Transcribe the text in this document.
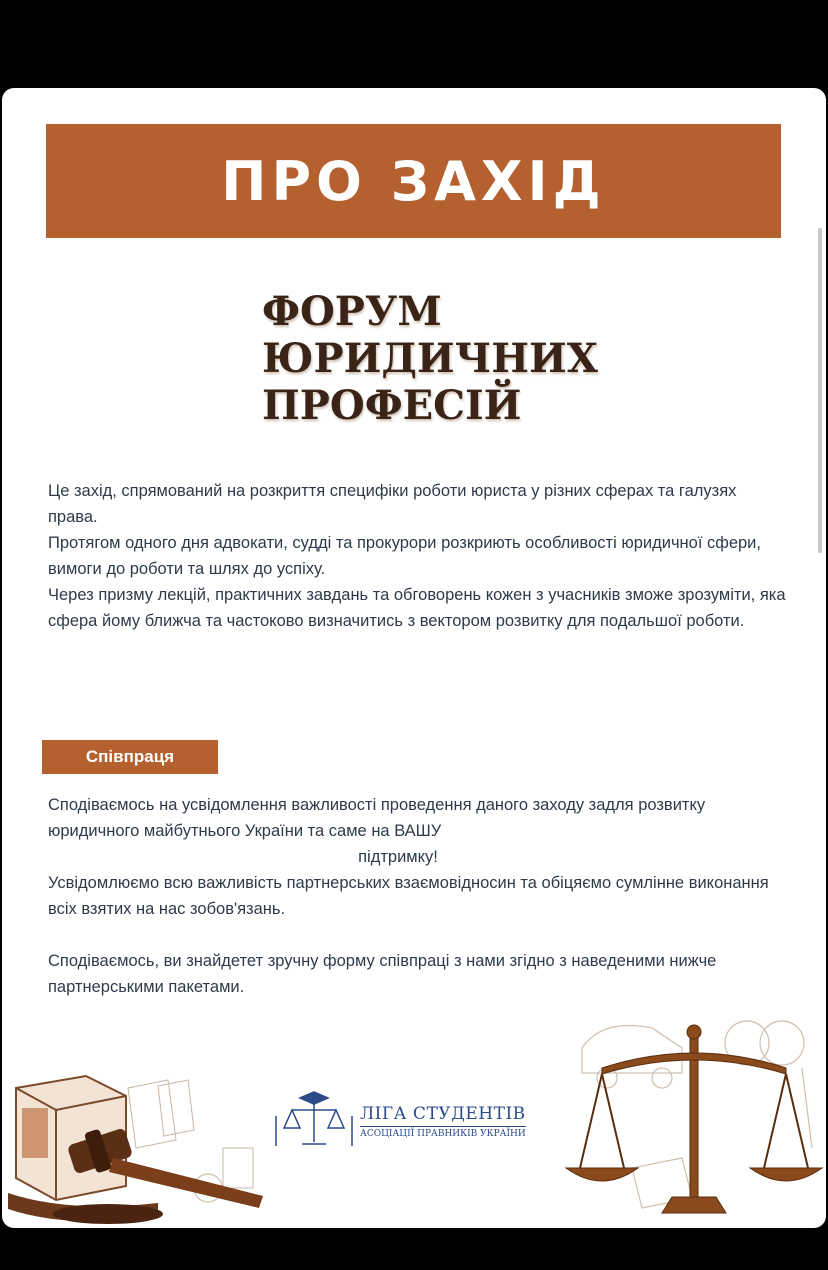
ПРО ЗАХІД
ФОРУМ
ЮРИДИЧНИХ
ПРОФЕСІЙ

Це захід, спрямований на розкриття специфіки роботи юриста у різних сферах та галузях права.

Протягом одного дня адвокати, судді та прокурори розкриють особливості юридичної сфери, вимоги до роботи та шлях до успіху.

Через призму лекцій, практичних завдань та обговорень кожен з учасників зможе зрозуміти, яка сфера йому ближча та частоково визначитись з вектором розвитку для подальшої роботи.

Співпраця

Сподіваємось на усвідомлення важливості проведення даного заходу задля розвитку юридичного майбутнього України та саме на ВАШУ

підтримку!

Усвідомлюємо всю важливість партнерських взаємовідносин та обіцяємо сумлінне виконання всіх взятих на нас зобов'язань.

Сподіваємось, ви знайдетет зручну форму співпраці з нами згідно з наведеними нижче партнерськими пакетами.

ЛІГА СТУДЕНТІВ
АСОЦІАЦІЇ ПРАВНИКІВ УКРАЇНИ
